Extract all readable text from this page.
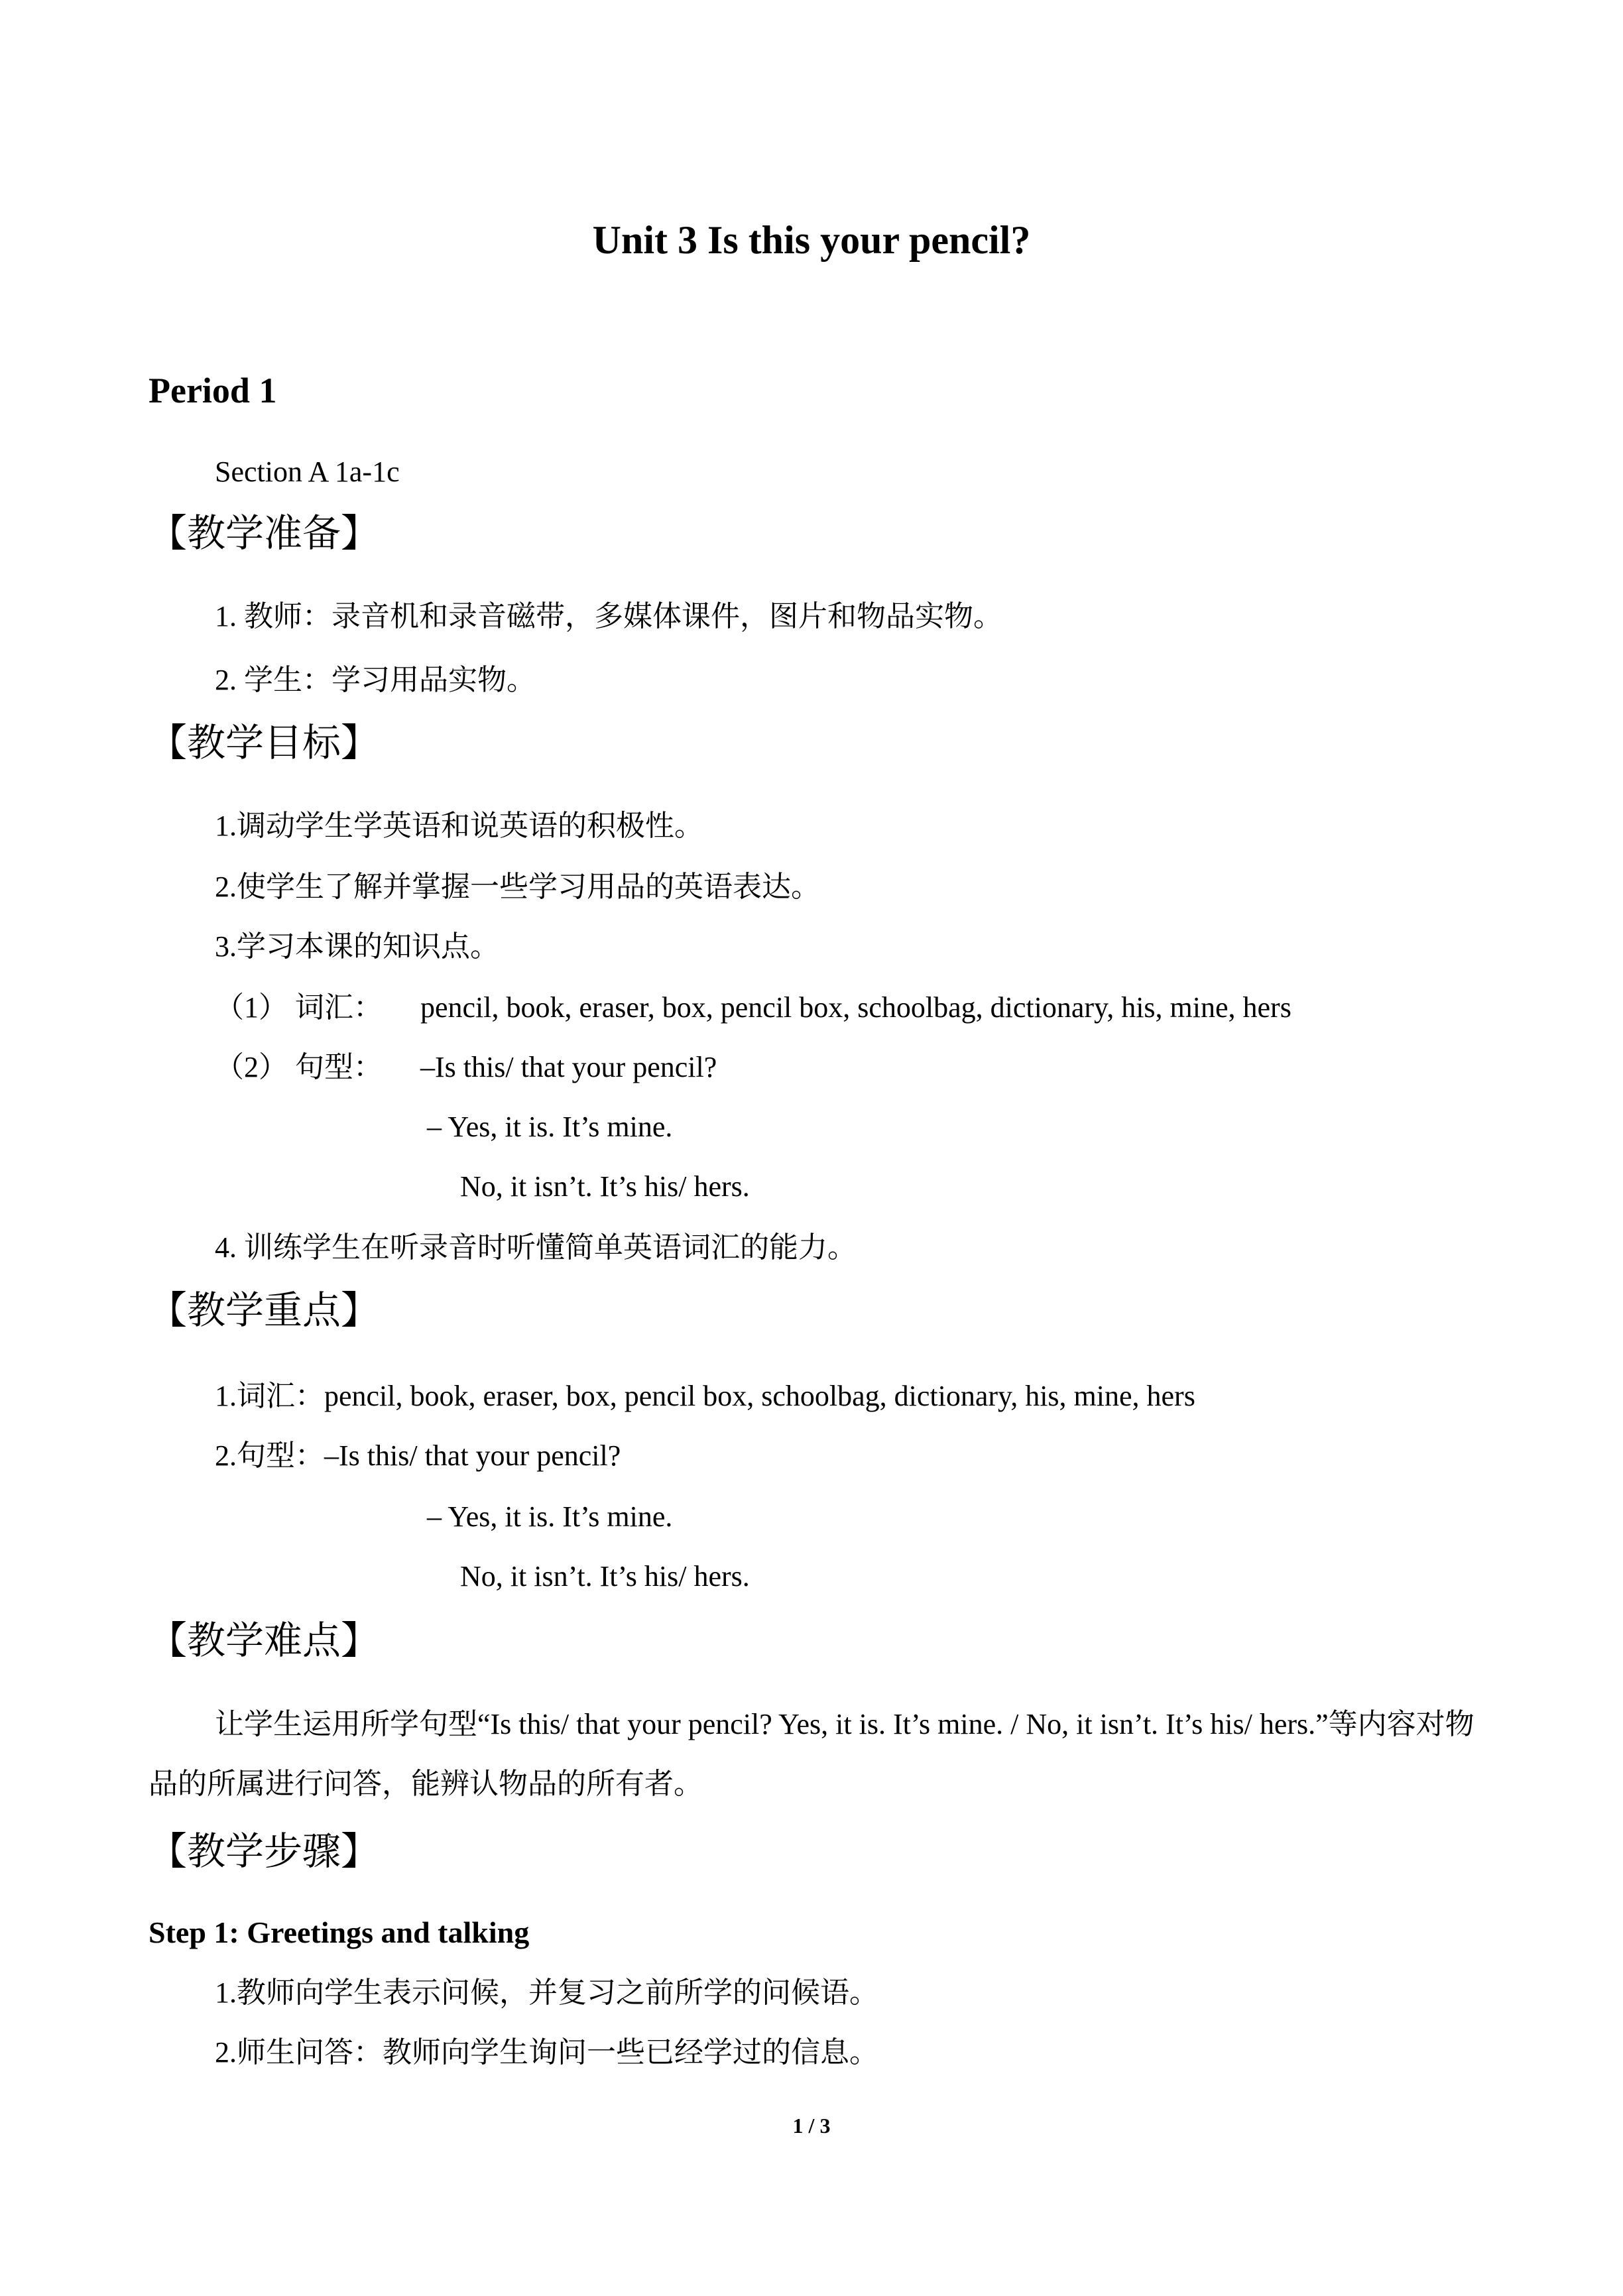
Unit 3 Is this your pencil?
Period 1
Section A 1a-1c
【教学准备】
1. 教师：录音机和录音磁带，多媒体课件，图片和物品实物。
2. 学生：学习用品实物。
【教学目标】
1.调动学生学英语和说英语的积极性。
2.使学生了解并掌握一些学习用品的英语表达。
3.学习本课的知识点。
（1） 词汇： pencil, book, eraser, box, pencil box, schoolbag, dictionary, his, mine, hers
（2） 句型： –Is this/ that your pencil?
– Yes, it is. It’s mine.
No, it isn’t. It’s his/ hers.
4. 训练学生在听录音时听懂简单英语词汇的能力。
【教学重点】
1.词汇：pencil, book, eraser, box, pencil box, schoolbag, dictionary, his, mine, hers
2.句型：–Is this/ that your pencil?
– Yes, it is. It’s mine.
No, it isn’t. It’s his/ hers.
【教学难点】
让学生运用所学句型“Is this/ that your pencil? Yes, it is. It’s mine. / No, it isn’t. It’s his/ hers.”等内容对物品的所属进行问答，能辨认物品的所有者。
【教学步骤】
Step 1: Greetings and talking
1.教师向学生表示问候，并复习之前所学的问候语。
2.师生问答：教师向学生询问一些已经学过的信息。
1 / 3
